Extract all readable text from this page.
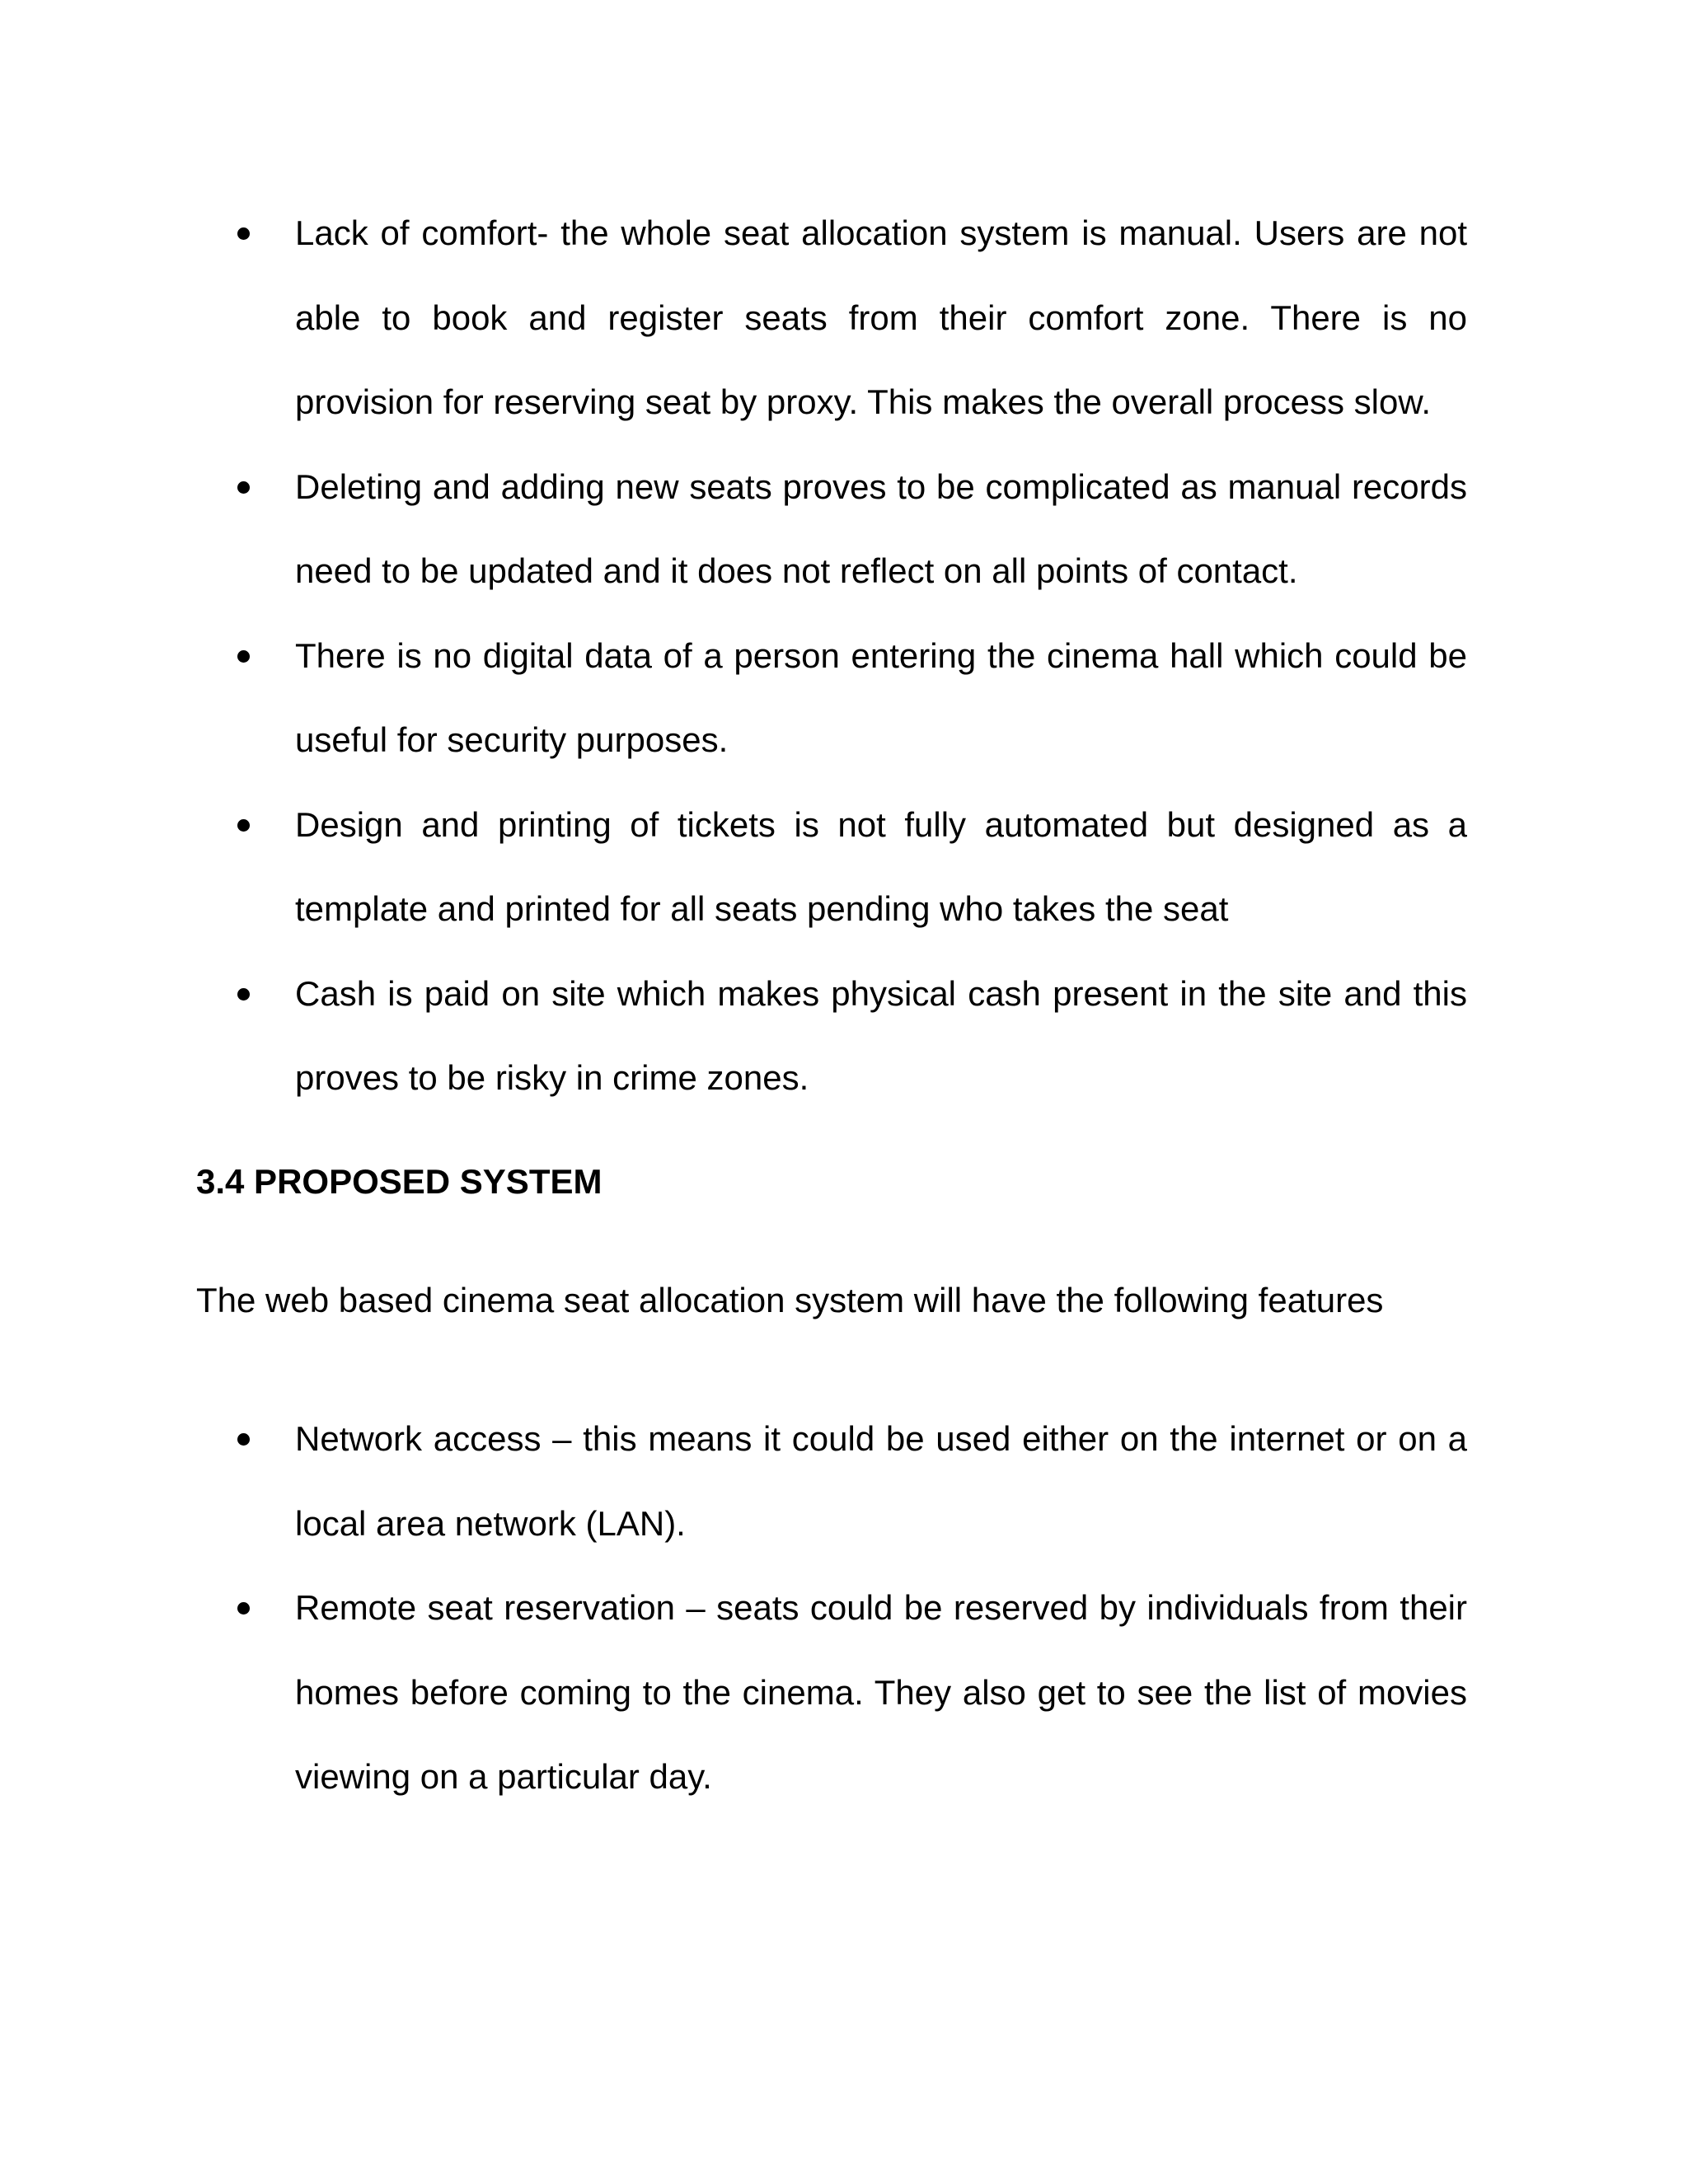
Lack of comfort- the whole seat allocation system is manual. Users are not able to book and register seats from their comfort zone. There is no provision for reserving seat by proxy. This makes the overall process slow.
Deleting and adding new seats proves to be complicated as manual records need to be updated and it does not reflect on all points of contact.
There is no digital data of a person entering the cinema hall which could be useful for security purposes.
Design and printing of tickets is not fully automated but designed as a template and printed for all seats pending who takes the seat
Cash is paid on site which makes physical cash present in the site and this proves to be risky in crime zones.
3.4 PROPOSED SYSTEM

The web based cinema seat allocation system will have the following features

Network access – this means it could be used either on the internet or on a local area network (LAN).
Remote seat reservation – seats could be reserved by individuals from their homes before coming to the cinema. They also get to see the list of movies viewing on a particular day.
